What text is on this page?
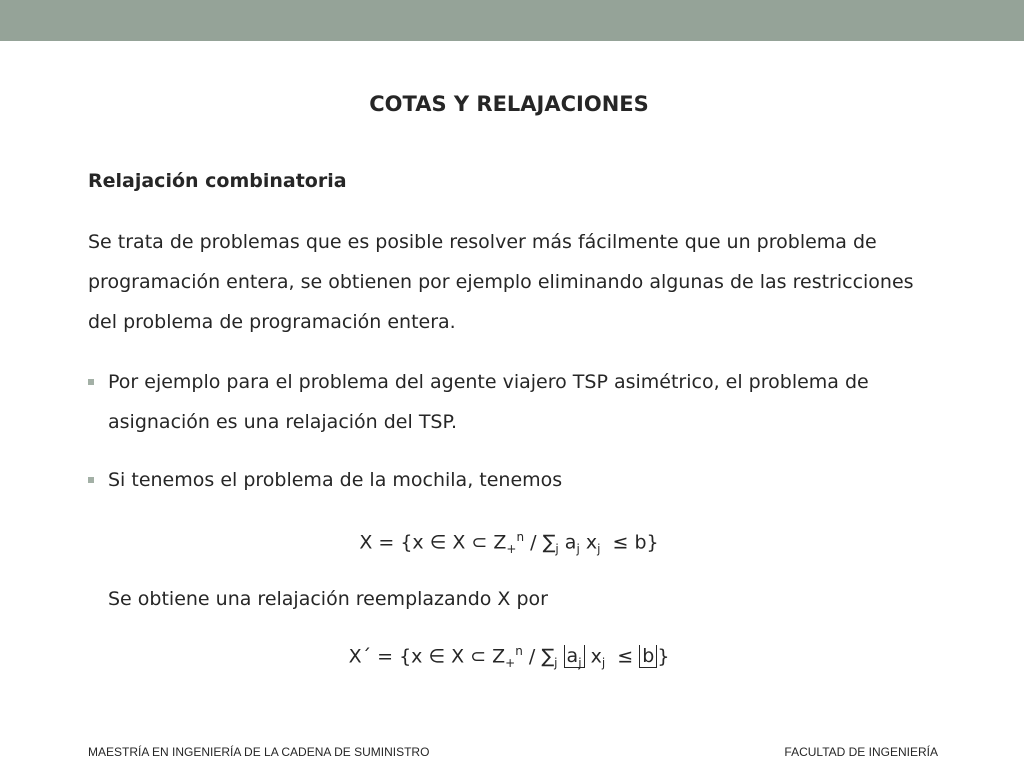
COTAS Y RELAJACIONES
Relajación combinatoria
Se trata de problemas que es posible resolver más fácilmente que un problema de programación entera, se obtienen por ejemplo eliminando algunas de las restricciones del problema de programación entera.
Por ejemplo para el problema del agente viajero TSP asimétrico, el problema de asignación es una relajación del TSP.
Si tenemos el problema de la mochila, tenemos
X = {x ∈ X ⊂ $Z_+^n / \sum_j$ $a_j$ $x_j \le b$}
Se obtiene una relajación reemplazando X por
X´ = {x ∈ X ⊂ $Z_+^n / \sum_j$ $a_j$ $x_j \le b$ }
MAESTRÍA EN INGENIERÍA DE LA CADENA DE SUMINISTRO	FACULTAD DE INGENIERÍA
